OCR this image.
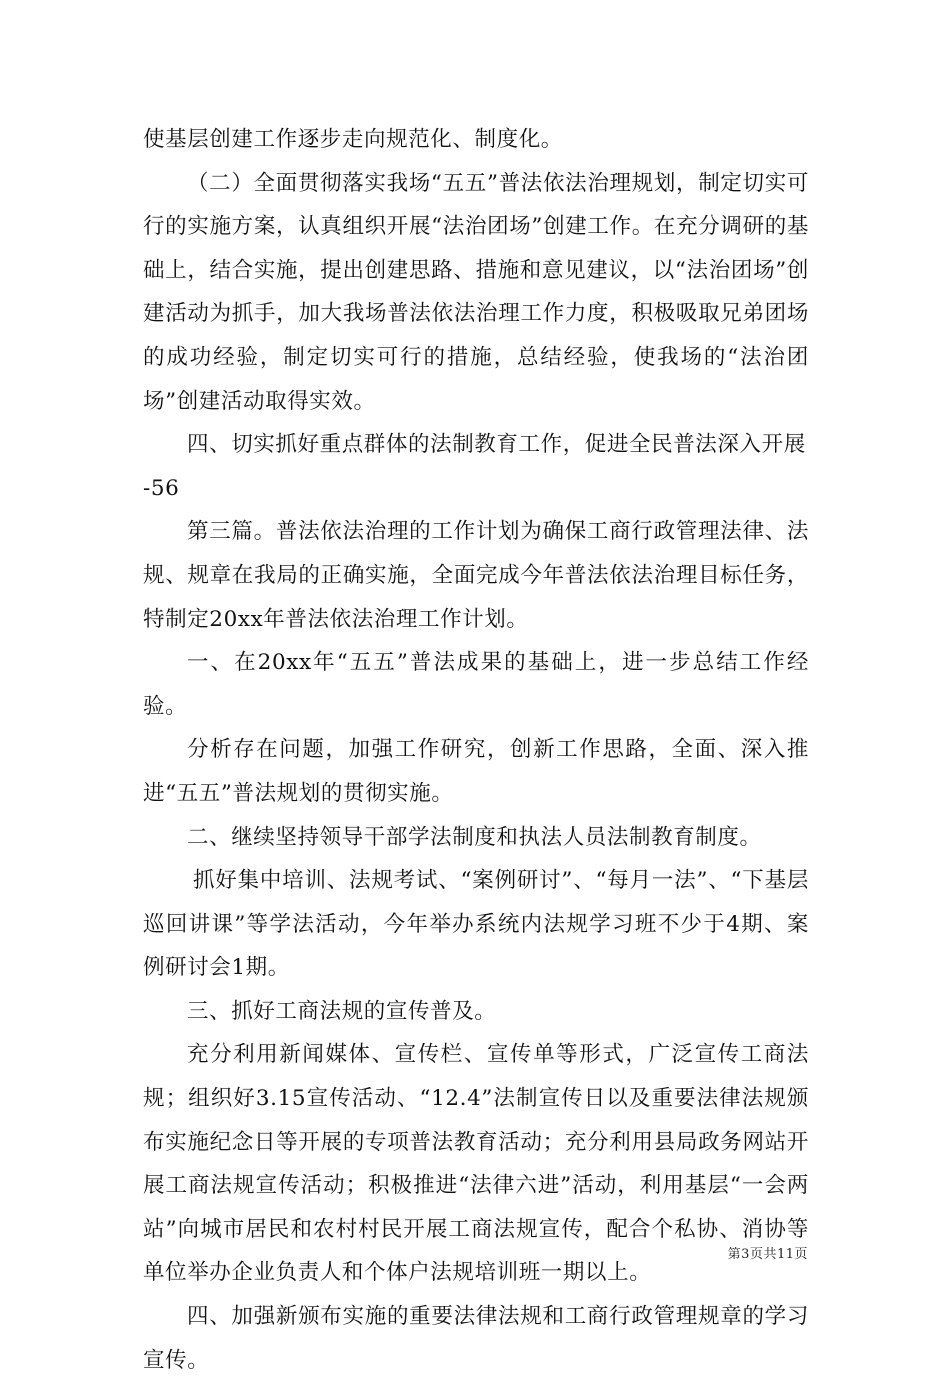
使基层创建工作逐步走向规范化、制度化。

（二）全面贯彻落实我场“五五”普法依法治理规划，制定切实可行的实施方案，认真组织开展“法治团场”创建工作。在充分调研的基础上，结合实施，提出创建思路、措施和意见建议，以“法治团场”创建活动为抓手，加大我场普法依法治理工作力度，积极吸取兄弟团场的成功经验，制定切实可行的措施，总结经验，使我场的“法治团场”创建活动取得实效。

四、切实抓好重点群体的法制教育工作，促进全民普法深入开展

-56

第三篇。普法依法治理的工作计划为确保工商行政管理法律、法规、规章在我局的正确实施，全面完成今年普法依法治理目标任务，特制定20xx年普法依法治理工作计划。

一、在20xx年“五五”普法成果的基础上，进一步总结工作经验。

分析存在问题，加强工作研究，创新工作思路，全面、深入推进“五五”普法规划的贯彻实施。

二、继续坚持领导干部学法制度和执法人员法制教育制度。

抓好集中培训、法规考试、“案例研讨”、“每月一法”、“下基层巡回讲课”等学法活动，今年举办系统内法规学习班不少于4期、案例研讨会1期。

三、抓好工商法规的宣传普及。

充分利用新闻媒体、宣传栏、宣传单等形式，广泛宣传工商法规；组织好3.15宣传活动、“12.4”法制宣传日以及重要法律法规颁布实施纪念日等开展的专项普法教育活动；充分利用县局政务网站开展工商法规宣传活动；积极推进“法律六进”活动，利用基层“一会两站”向城市居民和农村村民开展工商法规宣传，配合个私协、消协等单位举办企业负责人和个体户法规培训班一期以上。

四、加强新颁布实施的重要法律法规和工商行政管理规章的学习宣传。

第3页共11页
